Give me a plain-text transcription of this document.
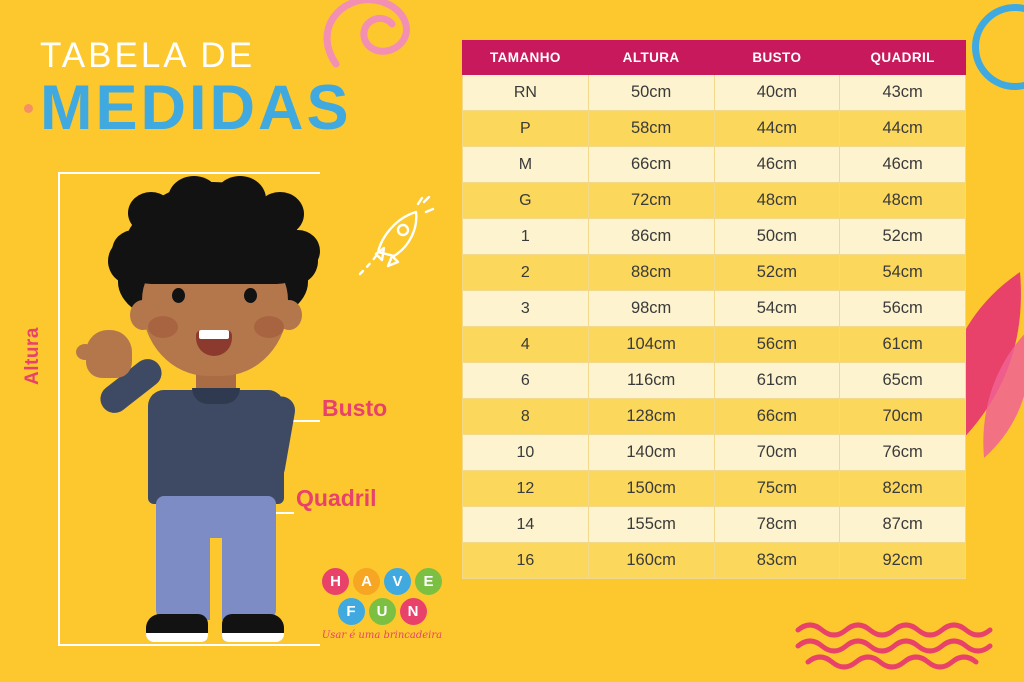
TABELA DE
MEDIDAS
Altura
Busto
Quadril
H	A	V	E
F	U	N
Usar é uma brincadeira
TAMANHO	ALTURA	BUSTO	QUADRIL
RN	50cm	40cm	43cm
P	58cm	44cm	44cm
M	66cm	46cm	46cm
G	72cm	48cm	48cm
1	86cm	50cm	52cm
2	88cm	52cm	54cm
3	98cm	54cm	56cm
4	104cm	56cm	61cm
6	116cm	61cm	65cm
8	128cm	66cm	70cm
10	140cm	70cm	76cm
12	150cm	75cm	82cm
14	155cm	78cm	87cm
16	160cm	83cm	92cm
